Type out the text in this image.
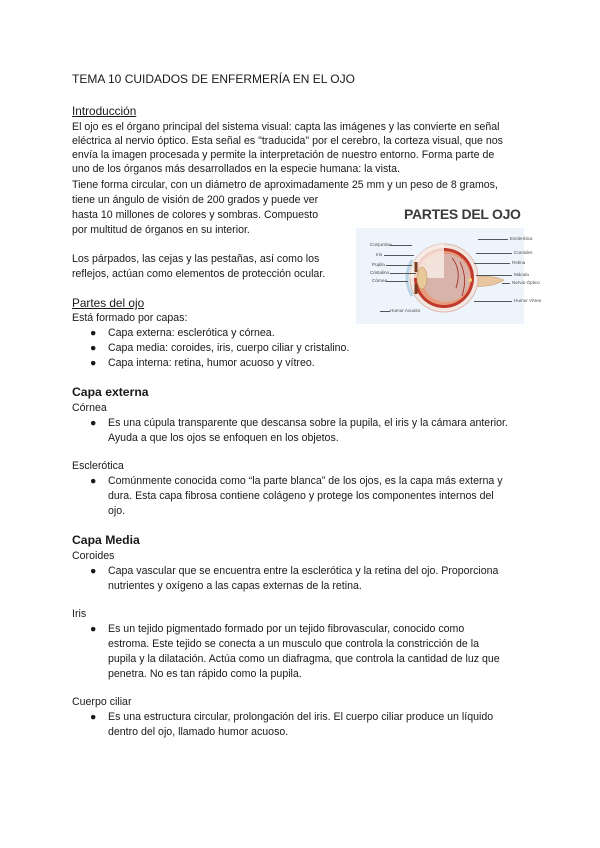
TEMA 10 CUIDADOS DE ENFERMERÍA EN EL OJO
Introducción
El ojo es el órgano principal del sistema visual: capta las imágenes y las convierte en señal
eléctrica al nervio óptico. Esta señal es "traducida" por el cerebro, la corteza visual, que nos
envía la imagen procesada y permite la interpretación de nuestro entorno. Forma parte de
uno de los órganos más desarrollados en la especie humana: la vista.
Tiene forma circular, con un diámetro de aproximadamente 25 mm y un peso de 8 gramos,
tiene un ángulo de visión de 200 grados y puede ver
hasta 10 millones de colores y sombras. Compuesto
por multitud de órganos en su interior.
Los párpados, las cejas y las pestañas, así como los
reflejos, actúan como elementos de protección ocular.
PARTES DEL OJO
Conjuntiva
Iris
Pupila
Cristalino
Córnea
Humor Acuoso
Esclerótica
Coroides
Retina
Mácula
Nervio Óptico
Humor Vítreo
Partes del ojo
Está formado por capas:
● Capa externa: esclerótica y córnea.
● Capa media: coroides, iris, cuerpo ciliar y cristalino.
● Capa interna: retina, humor acuoso y vítreo.
Capa externa
Córnea
● Es una cúpula transparente que descansa sobre la pupila, el iris y la cámara anterior.
Ayuda a que los ojos se enfoquen en los objetos.
Esclerótica
● Comúnmente conocida como “la parte blanca” de los ojos, es la capa más externa y
dura. Esta capa fibrosa contiene colágeno y protege los componentes internos del
ojo.
Capa Media
Coroides
● Capa vascular que se encuentra entre la esclerótica y la retina del ojo. Proporciona
nutrientes y oxígeno a las capas externas de la retina.
Iris
● Es un tejido pigmentado formado por un tejido fibrovascular, conocido como
estroma. Este tejido se conecta a un musculo que controla la constricción de la
pupila y la dilatación. Actúa como un diafragma, que controla la cantidad de luz que
penetra. No es tan rápido como la pupila.
Cuerpo ciliar
● Es una estructura circular, prolongación del iris. El cuerpo ciliar produce un líquido
dentro del ojo, llamado humor acuoso.
